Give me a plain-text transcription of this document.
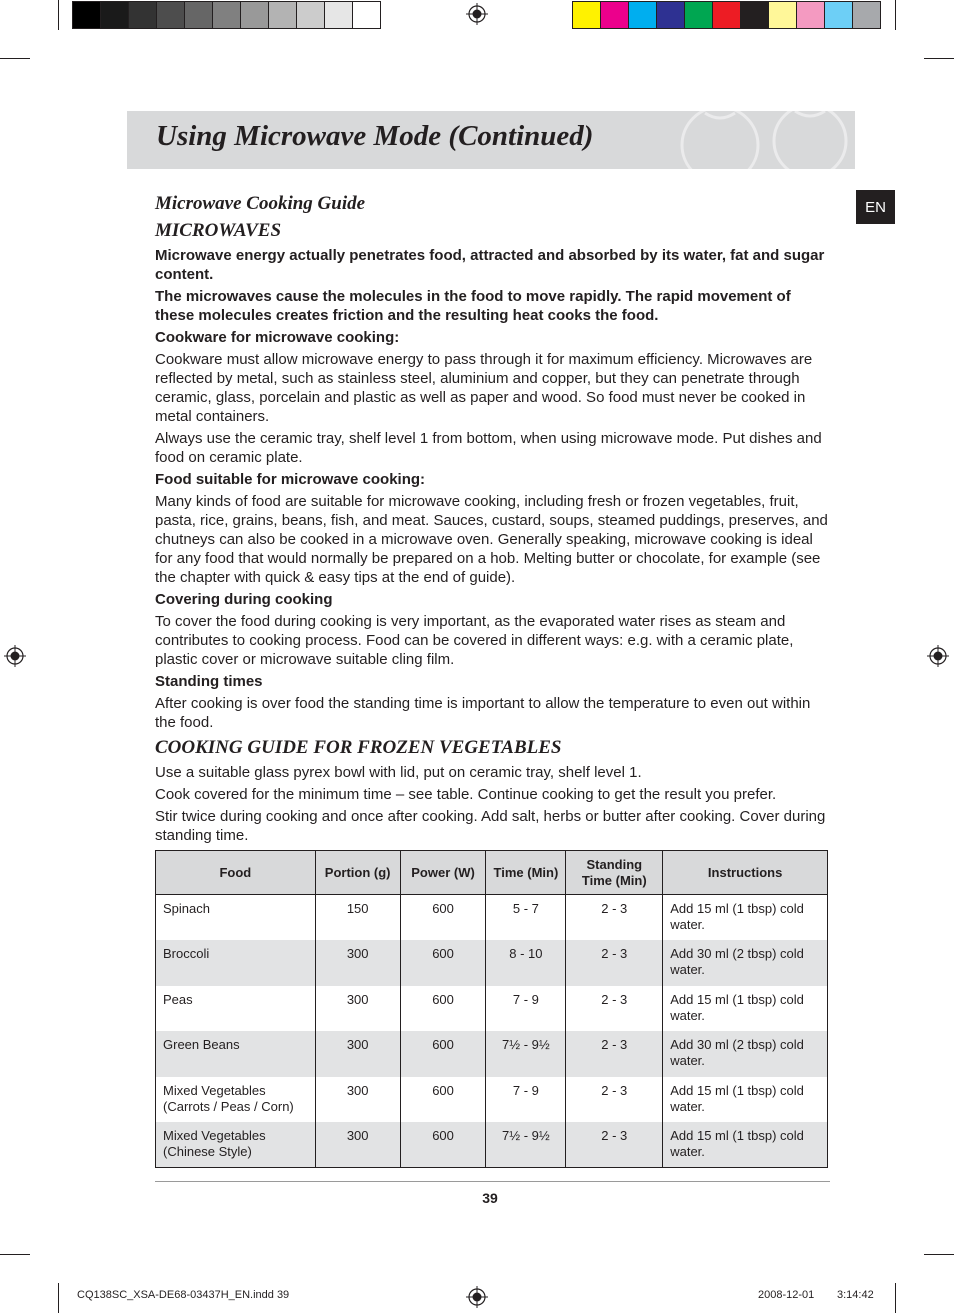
Using Microwave Mode (Continued)
EN

Microwave Cooking Guide

MICROWAVES

Microwave energy actually penetrates food, attracted and absorbed by its water, fat and sugar content.

The microwaves cause the molecules in the food to move rapidly. The rapid movement of these molecules creates friction and the resulting heat cooks the food.

Cookware for microwave cooking:

Cookware must allow microwave energy to pass through it for maximum efficiency. Microwaves are reflected by metal, such as stainless steel, aluminium and copper, but they can penetrate through ceramic, glass, porcelain and plastic as well as paper and wood. So food must never be cooked in metal containers.

Always use the ceramic tray, shelf level 1 from bottom, when using microwave mode. Put dishes and food on ceramic plate.

Food suitable for microwave cooking:

Many kinds of food are suitable for microwave cooking, including fresh or frozen vegetables, fruit, pasta, rice, grains, beans, fish, and meat. Sauces, custard, soups, steamed puddings, preserves, and chutneys can also be cooked in a microwave oven. Generally speaking, microwave cooking is ideal for any food that would normally be prepared on a hob. Melting butter or chocolate, for example (see the chapter with quick & easy tips at the end of guide).

Covering during cooking

To cover the food during cooking is very important, as the evaporated water rises as steam and contributes to cooking process. Food can be covered in different ways: e.g. with a ceramic plate, plastic cover or microwave suitable cling film.

Standing times

After cooking is over food the standing time is important to allow the temperature to even out within the food.

COOKING GUIDE FOR FROZEN VEGETABLES

Use a suitable glass pyrex bowl with lid, put on ceramic tray, shelf level 1.

Cook covered for the minimum time – see table. Continue cooking to get the result you prefer.

Stir twice during cooking and once after cooking. Add salt, herbs or butter after cooking. Cover during standing time.

Food	Portion (g)	Power (W)	Time (Min)	Standing Time (Min)	Instructions
Spinach	150	600	5 - 7	2 - 3	Add 15 ml (1 tbsp) cold water.
Broccoli	300	600	8 - 10	2 - 3	Add 30 ml (2 tbsp) cold water.
Peas	300	600	7 - 9	2 - 3	Add 15 ml (1 tbsp) cold water.
Green Beans	300	600	7½ - 9½	2 - 3	Add 30 ml (2 tbsp) cold water.
Mixed Vegetables (Carrots / Peas / Corn)	300	600	7 - 9	2 - 3	Add 15 ml (1 tbsp) cold water.
Mixed Vegetables (Chinese Style)	300	600	7½ - 9½	2 - 3	Add 15 ml (1 tbsp) cold water.
39
CQ138SC_XSA-DE68-03437H_EN.indd 39	2008-12-01 3:14:42
